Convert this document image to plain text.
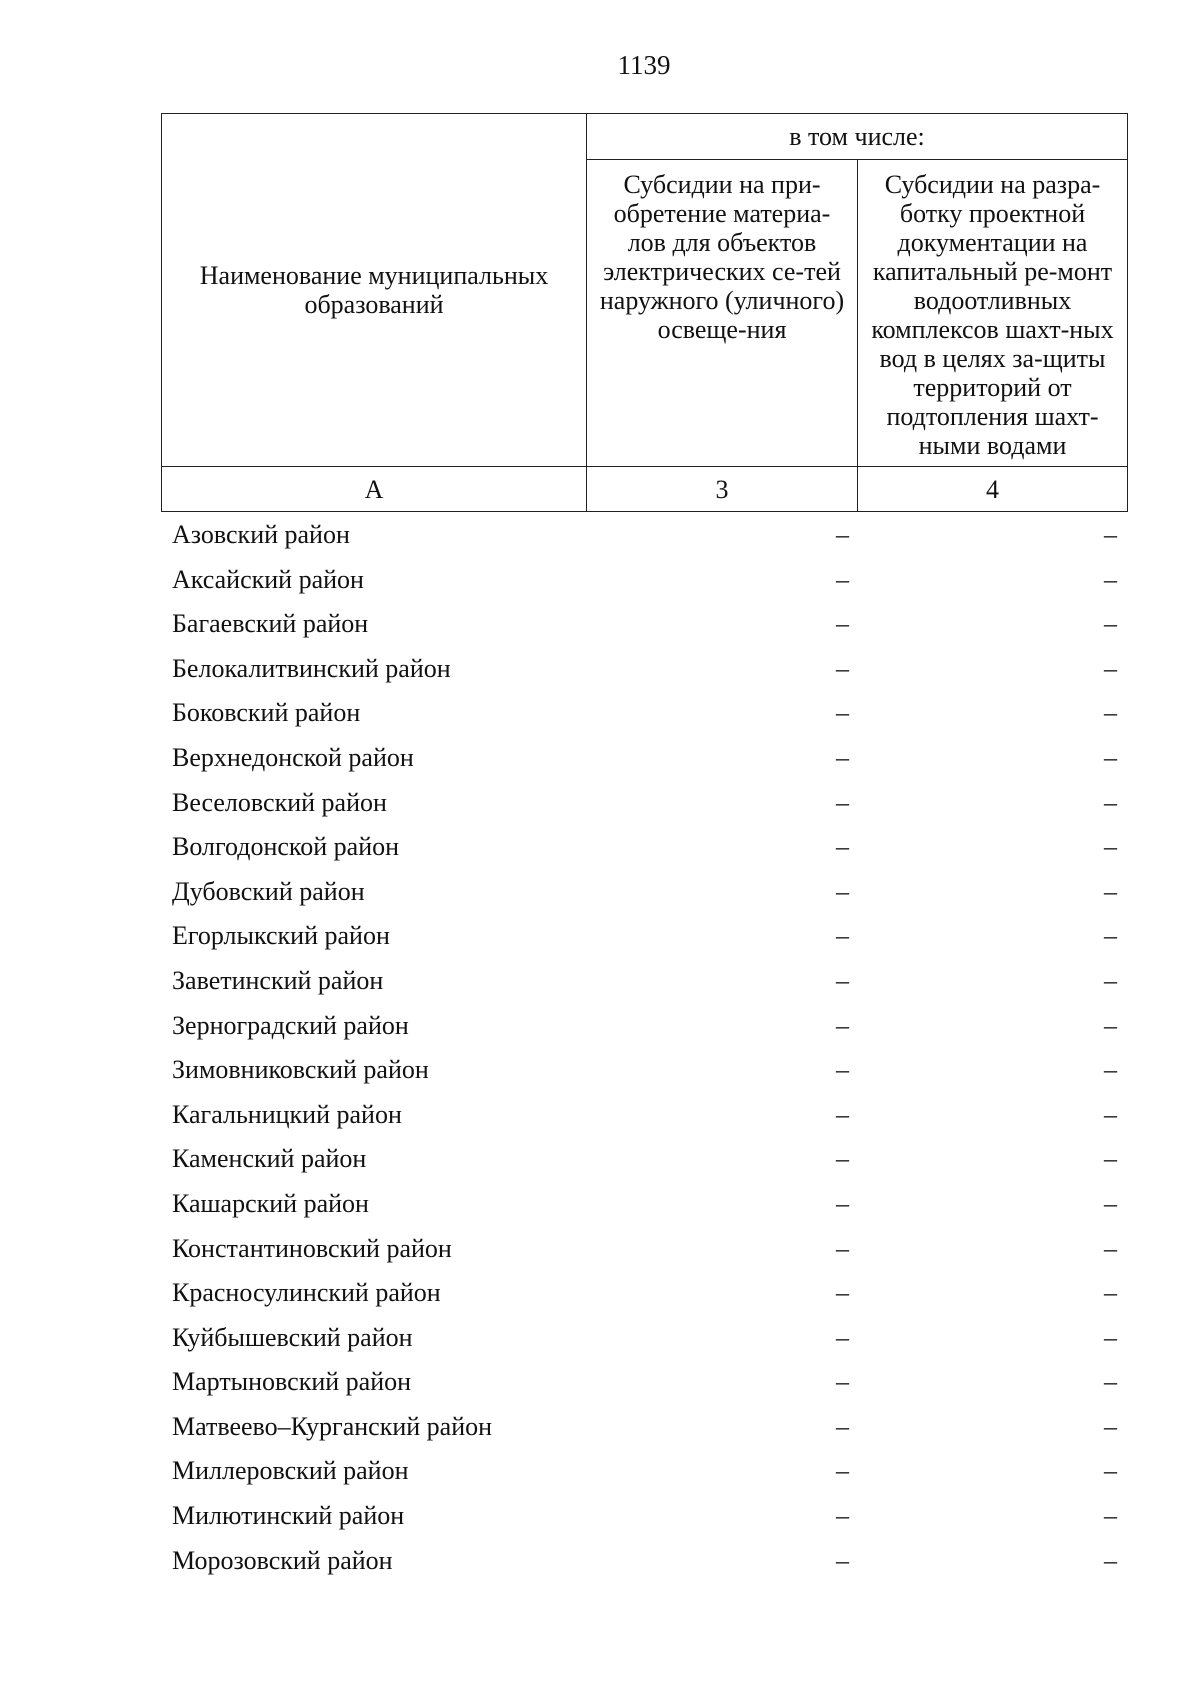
1139
Наименование муниципальных образований	в том числе:	
	Субсидии на при-обретение материа-лов для объектов электрических се-тей наружного (уличного) освеще-ния	Субсидии на разра-ботку проектной документации на капитальный ре-монт водоотливных комплексов шахт-ных вод в целях за-щиты территорий от подтопления шахт-ными водами
А	3	4
Азовский район	–	–
Аксайский район	–	–
Багаевский район	–	–
Белокалитвинский район	–	–
Боковский район	–	–
Верхнедонской район	–	–
Веселовский район	–	–
Волгодонской район	–	–
Дубовский район	–	–
Егорлыкский район	–	–
Заветинский район	–	–
Зерноградский район	–	–
Зимовниковский район	–	–
Кагальницкий район	–	–
Каменский район	–	–
Кашарский район	–	–
Константиновский район	–	–
Красносулинский район	–	–
Куйбышевский район	–	–
Мартыновский район	–	–
Матвеево–Курганский район	–	–
Миллеровский район	–	–
Милютинский район	–	–
Морозовский район	–	–
